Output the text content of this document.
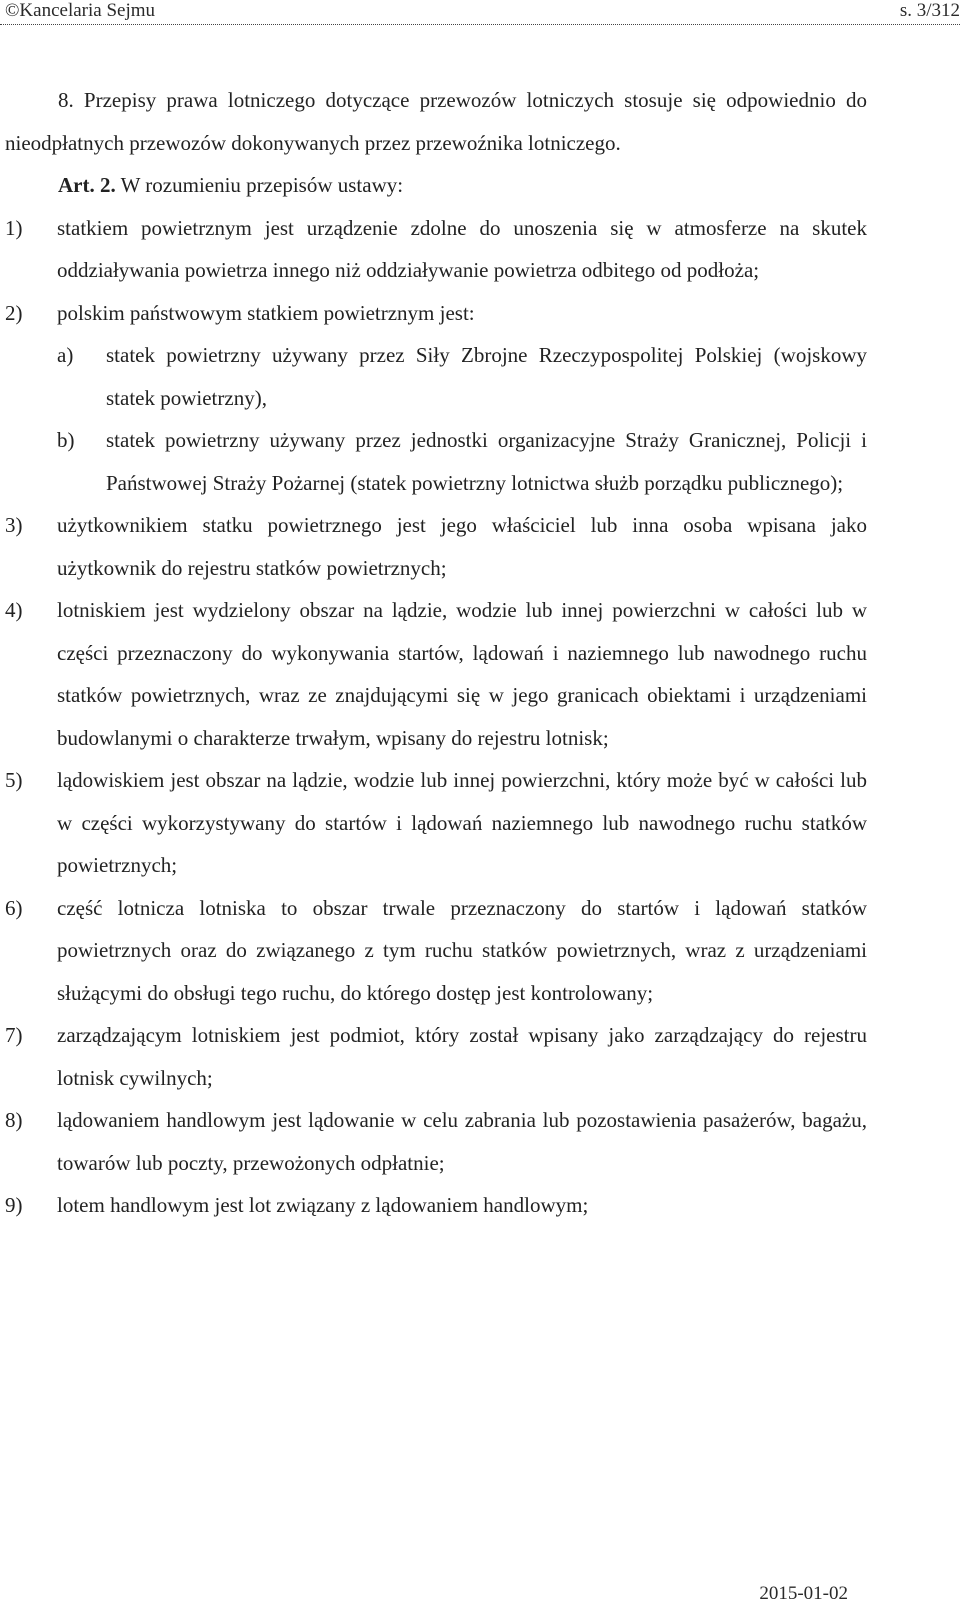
©Kancelaria Sejmu	s. 3/312

8. Przepisy prawa lotniczego dotyczące przewozów lotniczych stosuje się odpowiednio do nieodpłatnych przewozów dokonywanych przez przewoźnika lotniczego.

Art. 2. W rozumieniu przepisów ustawy:

1)	statkiem powietrznym jest urządzenie zdolne do unoszenia się w atmosferze na skutek oddziaływania powietrza innego niż oddziaływanie powietrza odbitego od podłoża;
2)	polskim państwowym statkiem powietrznym jest:
a)	statek powietrzny używany przez Siły Zbrojne Rzeczypospolitej Polskiej (wojskowy statek powietrzny),
b)	statek powietrzny używany przez jednostki organizacyjne Straży Granicznej, Policji i Państwowej Straży Pożarnej (statek powietrzny lotnictwa służb porządku publicznego);
3)	użytkownikiem statku powietrznego jest jego właściciel lub inna osoba wpisana jako użytkownik do rejestru statków powietrznych;
4)	lotniskiem jest wydzielony obszar na lądzie, wodzie lub innej powierzchni w całości lub w części przeznaczony do wykonywania startów, lądowań i naziemnego lub nawodnego ruchu statków powietrznych, wraz ze znajdującymi się w jego granicach obiektami i urządzeniami budowlanymi o charakterze trwałym, wpisany do rejestru lotnisk;
5)	lądowiskiem jest obszar na lądzie, wodzie lub innej powierzchni, który może być w całości lub w części wykorzystywany do startów i lądowań naziemnego lub nawodnego ruchu statków powietrznych;
6)	część lotnicza lotniska to obszar trwale przeznaczony do startów i lądowań statków powietrznych oraz do związanego z tym ruchu statków powietrznych, wraz z urządzeniami służącymi do obsługi tego ruchu, do którego dostęp jest kontrolowany;
7)	zarządzającym lotniskiem jest podmiot, który został wpisany jako zarządzający do rejestru lotnisk cywilnych;
8)	lądowaniem handlowym jest lądowanie w celu zabrania lub pozostawienia pasażerów, bagażu, towarów lub poczty, przewożonych odpłatnie;
9)	lotem handlowym jest lot związany z lądowaniem handlowym;
2015-01-02
